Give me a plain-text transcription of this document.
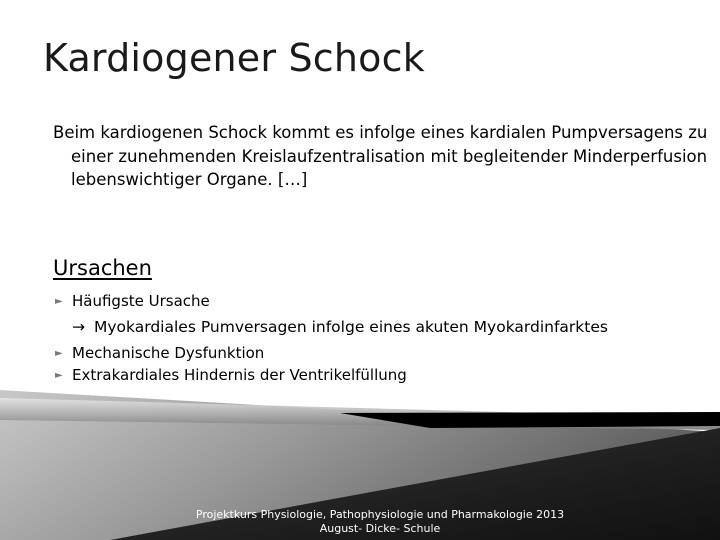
Kardiogener Schock
Beim kardiogenen Schock kommt es infolge eines kardialen Pumpversagens zu einer zunehmenden Kreislaufzentralisation mit begleitender Minderperfusion lebenswichtiger Organe. […]
Ursachen
► Häufigste Ursache
→ Myokardiales Pumversagen infolge eines akuten Myokardinfarktes
► Mechanische Dysfunktion
► Extrakardiales Hindernis der Ventrikelfüllung
Projektkurs Physiologie, Pathophysiologie und Pharmakologie 2013
August- Dicke- Schule
